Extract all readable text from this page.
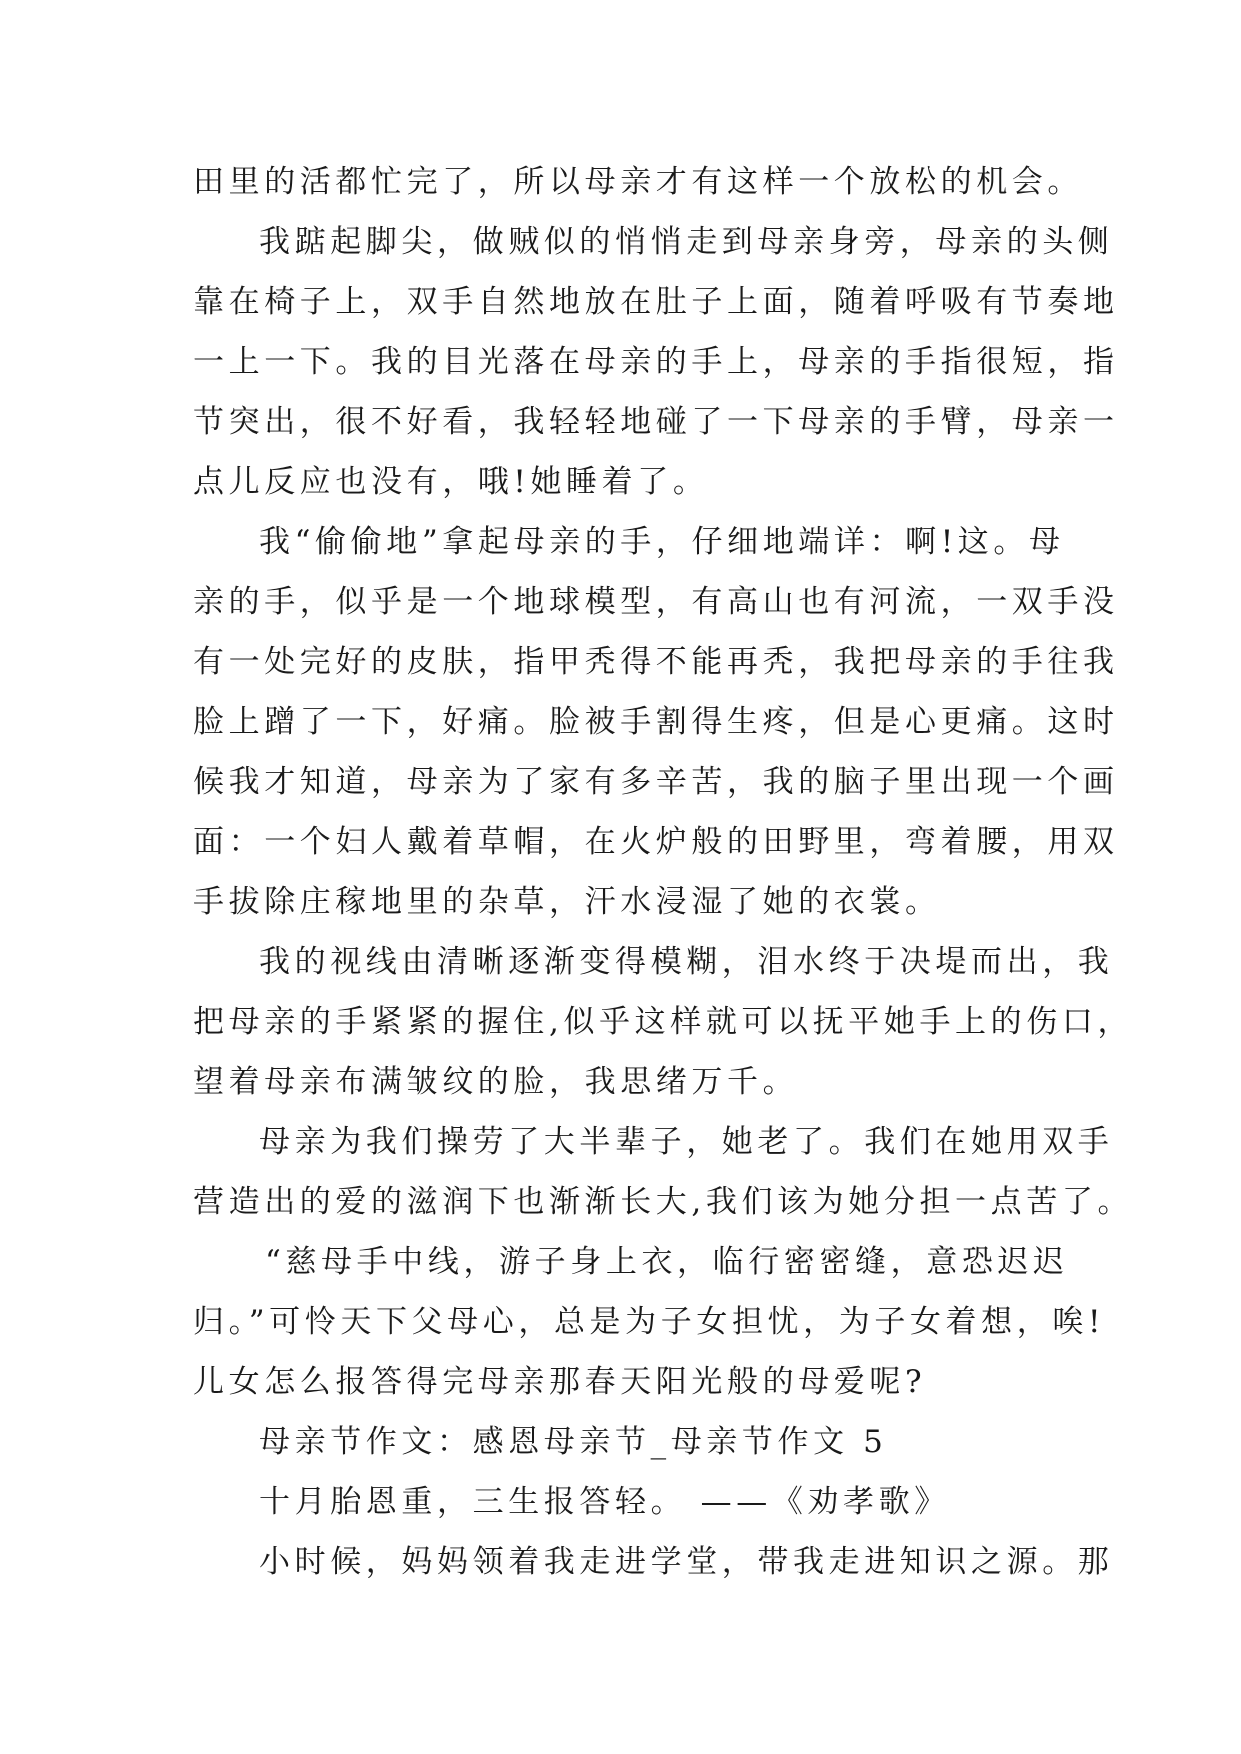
田里的活都忙完了，所以母亲才有这样一个放松的机会。
我踮起脚尖，做贼似的悄悄走到母亲身旁，母亲的头侧
靠在椅子上，双手自然地放在肚子上面，随着呼吸有节奏地
一上一下。我的目光落在母亲的手上，母亲的手指很短，指
节突出，很不好看，我轻轻地碰了一下母亲的手臂，母亲一
点儿反应也没有，哦!她睡着了。
我“偷偷地”拿起母亲的手，仔细地端详：啊!这。母
亲的手，似乎是一个地球模型，有高山也有河流，一双手没
有一处完好的皮肤，指甲秃得不能再秃，我把母亲的手往我
脸上蹭了一下，好痛。脸被手割得生疼，但是心更痛。这时
候我才知道，母亲为了家有多辛苦，我的脑子里出现一个画
面：一个妇人戴着草帽，在火炉般的田野里，弯着腰，用双
手拔除庄稼地里的杂草，汗水浸湿了她的衣裳。
我的视线由清晰逐渐变得模糊，泪水终于决堤而出，我
把母亲的手紧紧的握住,似乎这样就可以抚平她手上的伤口，
望着母亲布满皱纹的脸，我思绪万千。
母亲为我们操劳了大半辈子，她老了。我们在她用双手
营造出的爱的滋润下也渐渐长大,我们该为她分担一点苦了。
“慈母手中线，游子身上衣，临行密密缝，意恐迟迟
归。”可怜天下父母心，总是为子女担忧，为子女着想，唉!
儿女怎么报答得完母亲那春天阳光般的母爱呢?
母亲节作文：感恩母亲节_母亲节作文 5
十月胎恩重，三生报答轻。 ——《劝孝歌》
小时候，妈妈领着我走进学堂，带我走进知识之源。那
